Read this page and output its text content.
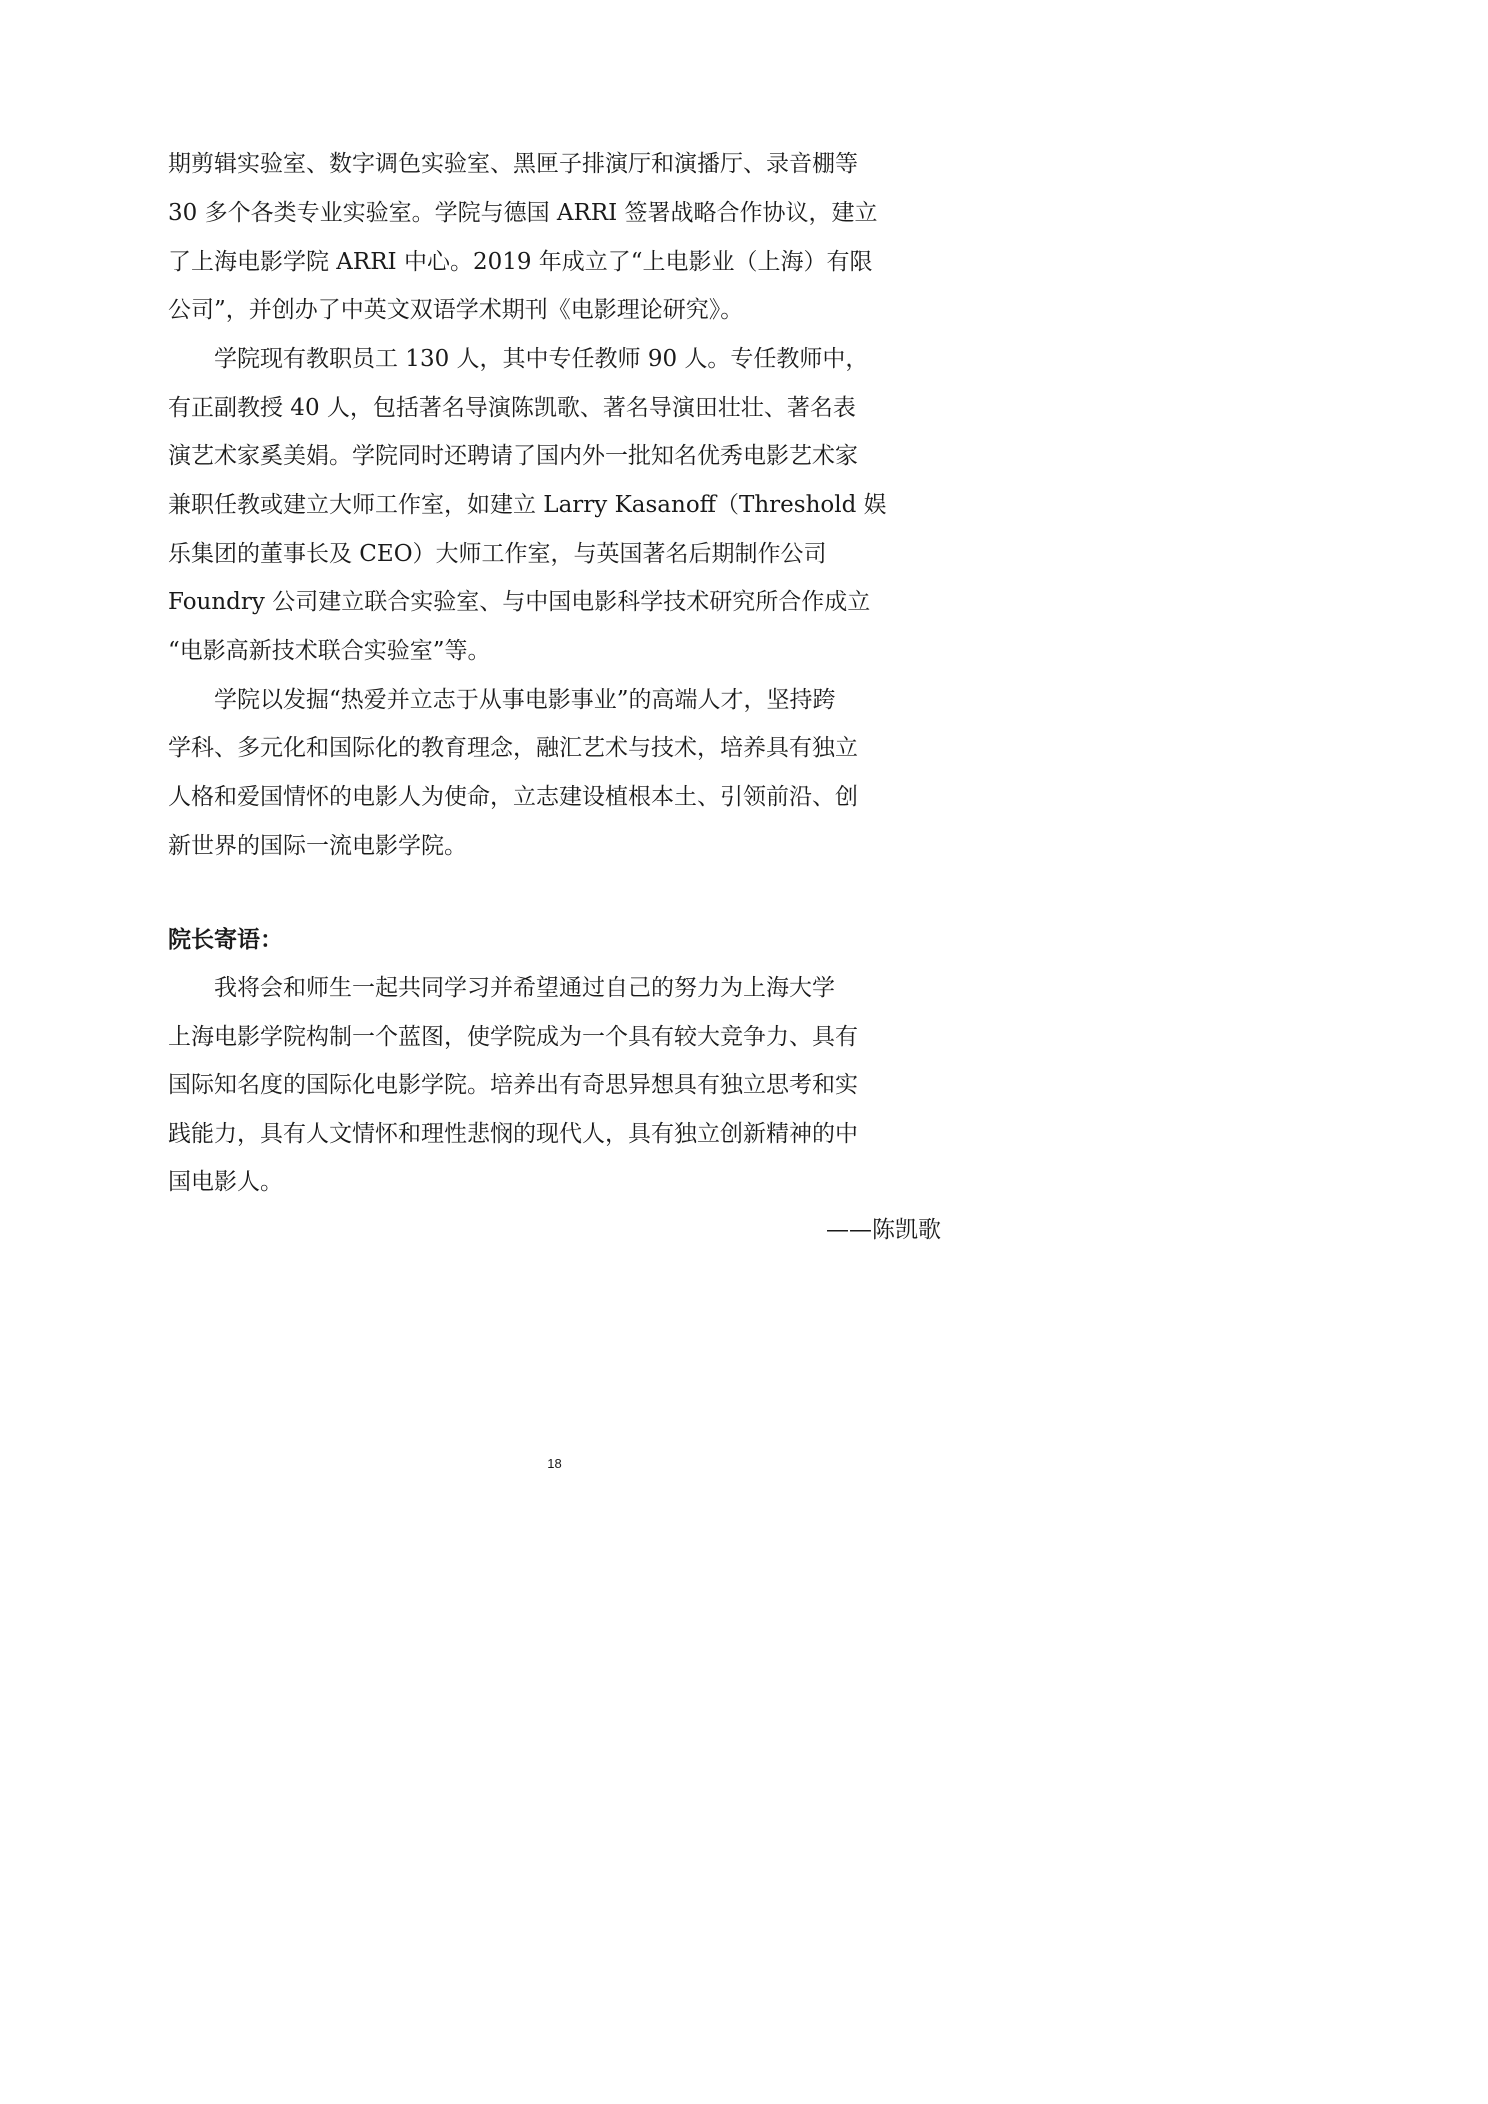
期剪辑实验室、数字调色实验室、黑匣子排演厅和演播厅、录音棚等
30 多个各类专业实验室。学院与德国 ARRI 签署战略合作协议，建立
了上海电影学院 ARRI 中心。2019 年成立了“上电影业（上海）有限
公司”，并创办了中英文双语学术期刊《电影理论研究》。
　　学院现有教职员工 130 人，其中专任教师 90 人。专任教师中，
有正副教授 40 人，包括著名导演陈凯歌、著名导演田壮壮、著名表
演艺术家奚美娟。学院同时还聘请了国内外一批知名优秀电影艺术家
兼职任教或建立大师工作室，如建立 Larry Kasanoff（Threshold 娱
乐集团的董事长及 CEO）大师工作室，与英国著名后期制作公司
Foundry 公司建立联合实验室、与中国电影科学技术研究所合作成立
“电影高新技术联合实验室”等。
　　学院以发掘“热爱并立志于从事电影事业”的高端人才，坚持跨
学科、多元化和国际化的教育理念，融汇艺术与技术，培养具有独立
人格和爱国情怀的电影人为使命，立志建设植根本土、引领前沿、创
新世界的国际一流电影学院。
院长寄语：
　　我将会和师生一起共同学习并希望通过自己的努力为上海大学
上海电影学院构制一个蓝图，使学院成为一个具有较大竞争力、具有
国际知名度的国际化电影学院。培养出有奇思异想具有独立思考和实
践能力，具有人文情怀和理性悲悯的现代人，具有独立创新精神的中
国电影人。
——陈凯歌
18
